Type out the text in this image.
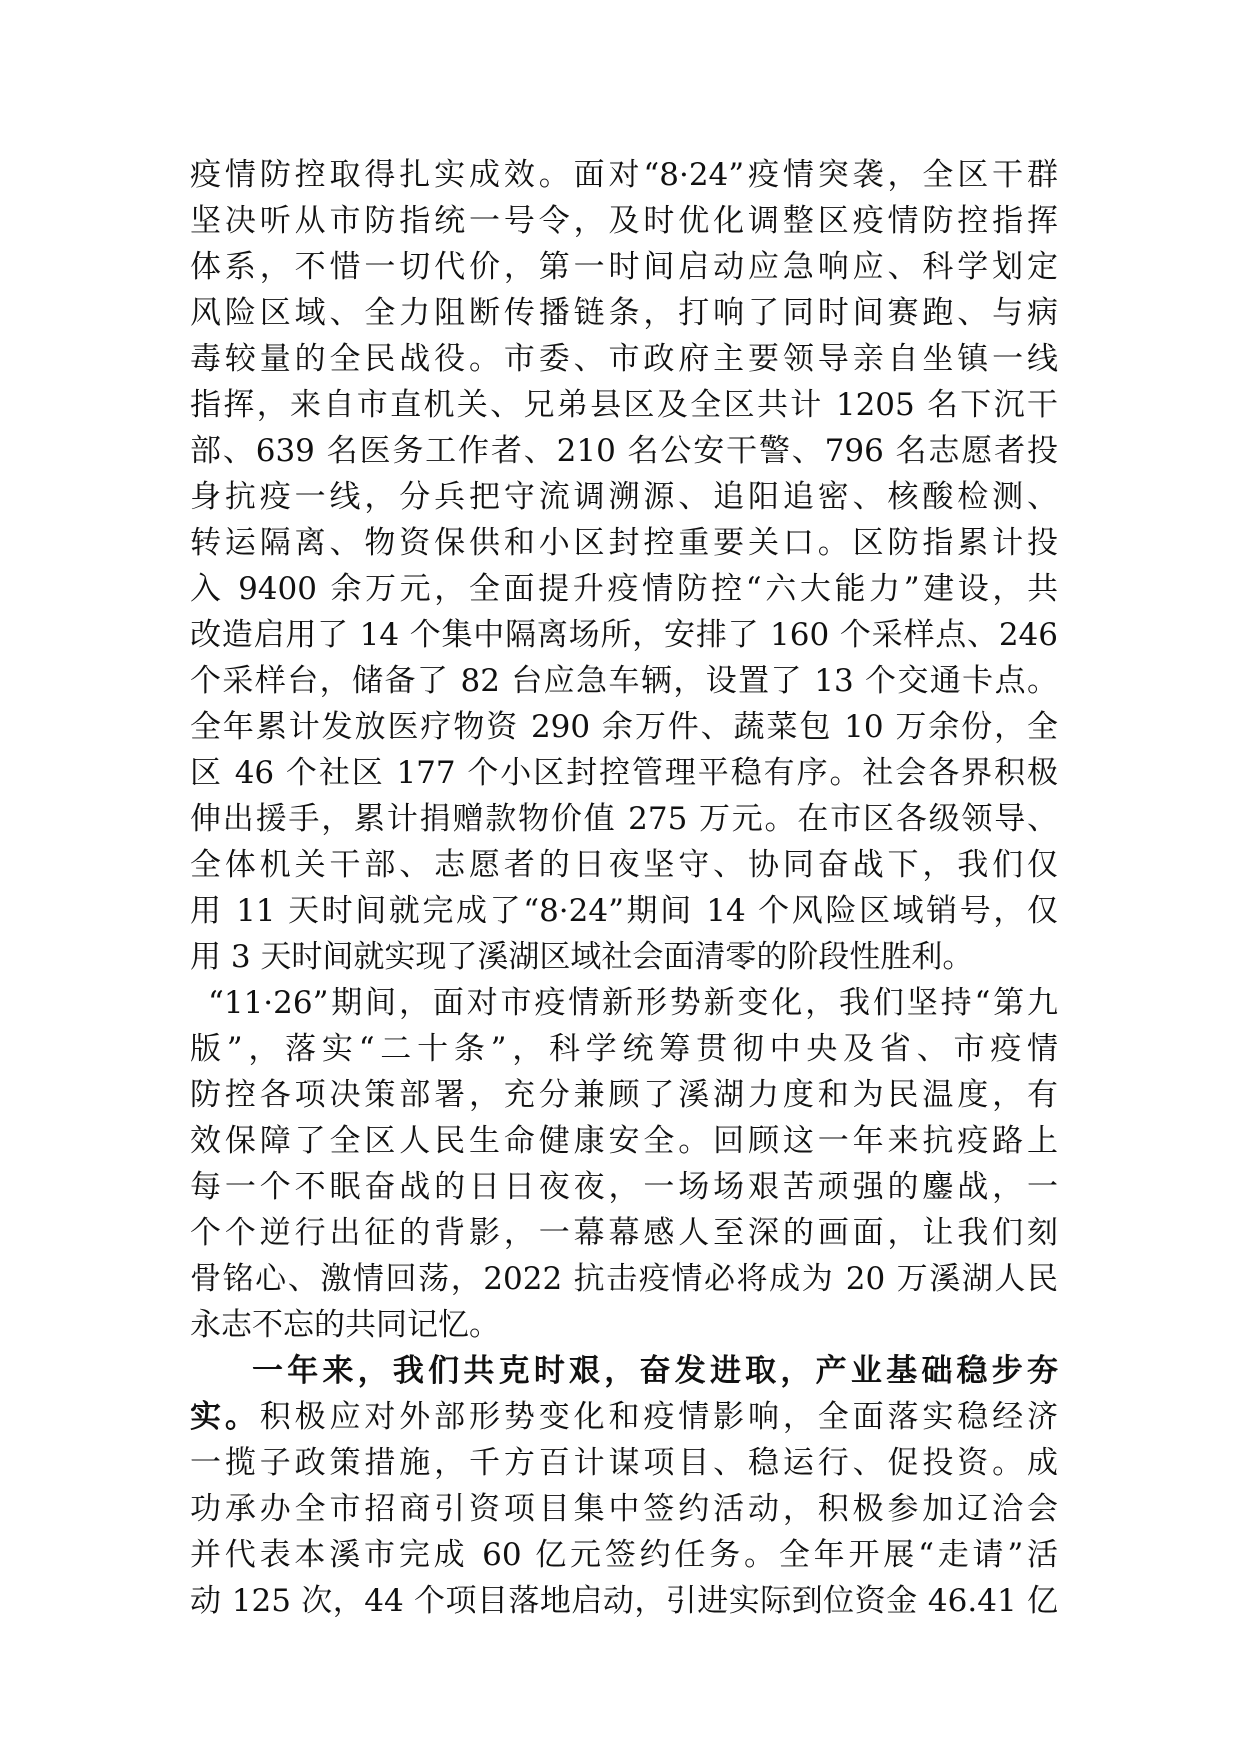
疫情防控取得扎实成效。面对“8·24”疫情突袭，全区干群
坚决听从市防指统一号令，及时优化调整区疫情防控指挥
体系，不惜一切代价，第一时间启动应急响应、科学划定
风险区域、全力阻断传播链条，打响了同时间赛跑、与病
毒较量的全民战役。市委、市政府主要领导亲自坐镇一线
指挥，来自市直机关、兄弟县区及全区共计 1205 名下沉干
部、639 名医务工作者、210 名公安干警、796 名志愿者投
身抗疫一线，分兵把守流调溯源、追阳追密、核酸检测、
转运隔离、物资保供和小区封控重要关口。区防指累计投
入 9400 余万元，全面提升疫情防控“六大能力”建设，共
改造启用了 14 个集中隔离场所，安排了 160 个采样点、246
个采样台，储备了 82 台应急车辆，设置了 13 个交通卡点。
全年累计发放医疗物资 290 余万件、蔬菜包 10 万余份，全
区 46 个社区 177 个小区封控管理平稳有序。社会各界积极
伸出援手，累计捐赠款物价值 275 万元。在市区各级领导、
全体机关干部、志愿者的日夜坚守、协同奋战下，我们仅
用 11 天时间就完成了“8·24”期间 14 个风险区域销号，仅
用 3 天时间就实现了溪湖区域社会面清零的阶段性胜利。
“11·26”期间，面对市疫情新形势新变化，我们坚持“第九
版”，落实“二十条”，科学统筹贯彻中央及省、市疫情
防控各项决策部署，充分兼顾了溪湖力度和为民温度，有
效保障了全区人民生命健康安全。回顾这一年来抗疫路上
每一个不眠奋战的日日夜夜，一场场艰苦顽强的鏖战，一
个个逆行出征的背影，一幕幕感人至深的画面，让我们刻
骨铭心、激情回荡，2022 抗击疫情必将成为 20 万溪湖人民
永志不忘的共同记忆。
一年来，我们共克时艰，奋发进取，产业基础稳步夯
实。积极应对外部形势变化和疫情影响，全面落实稳经济
一揽子政策措施，千方百计谋项目、稳运行、促投资。成
功承办全市招商引资项目集中签约活动，积极参加辽洽会
并代表本溪市完成 60 亿元签约任务。全年开展“走请”活
动 125 次，44 个项目落地启动，引进实际到位资金 46.41 亿
